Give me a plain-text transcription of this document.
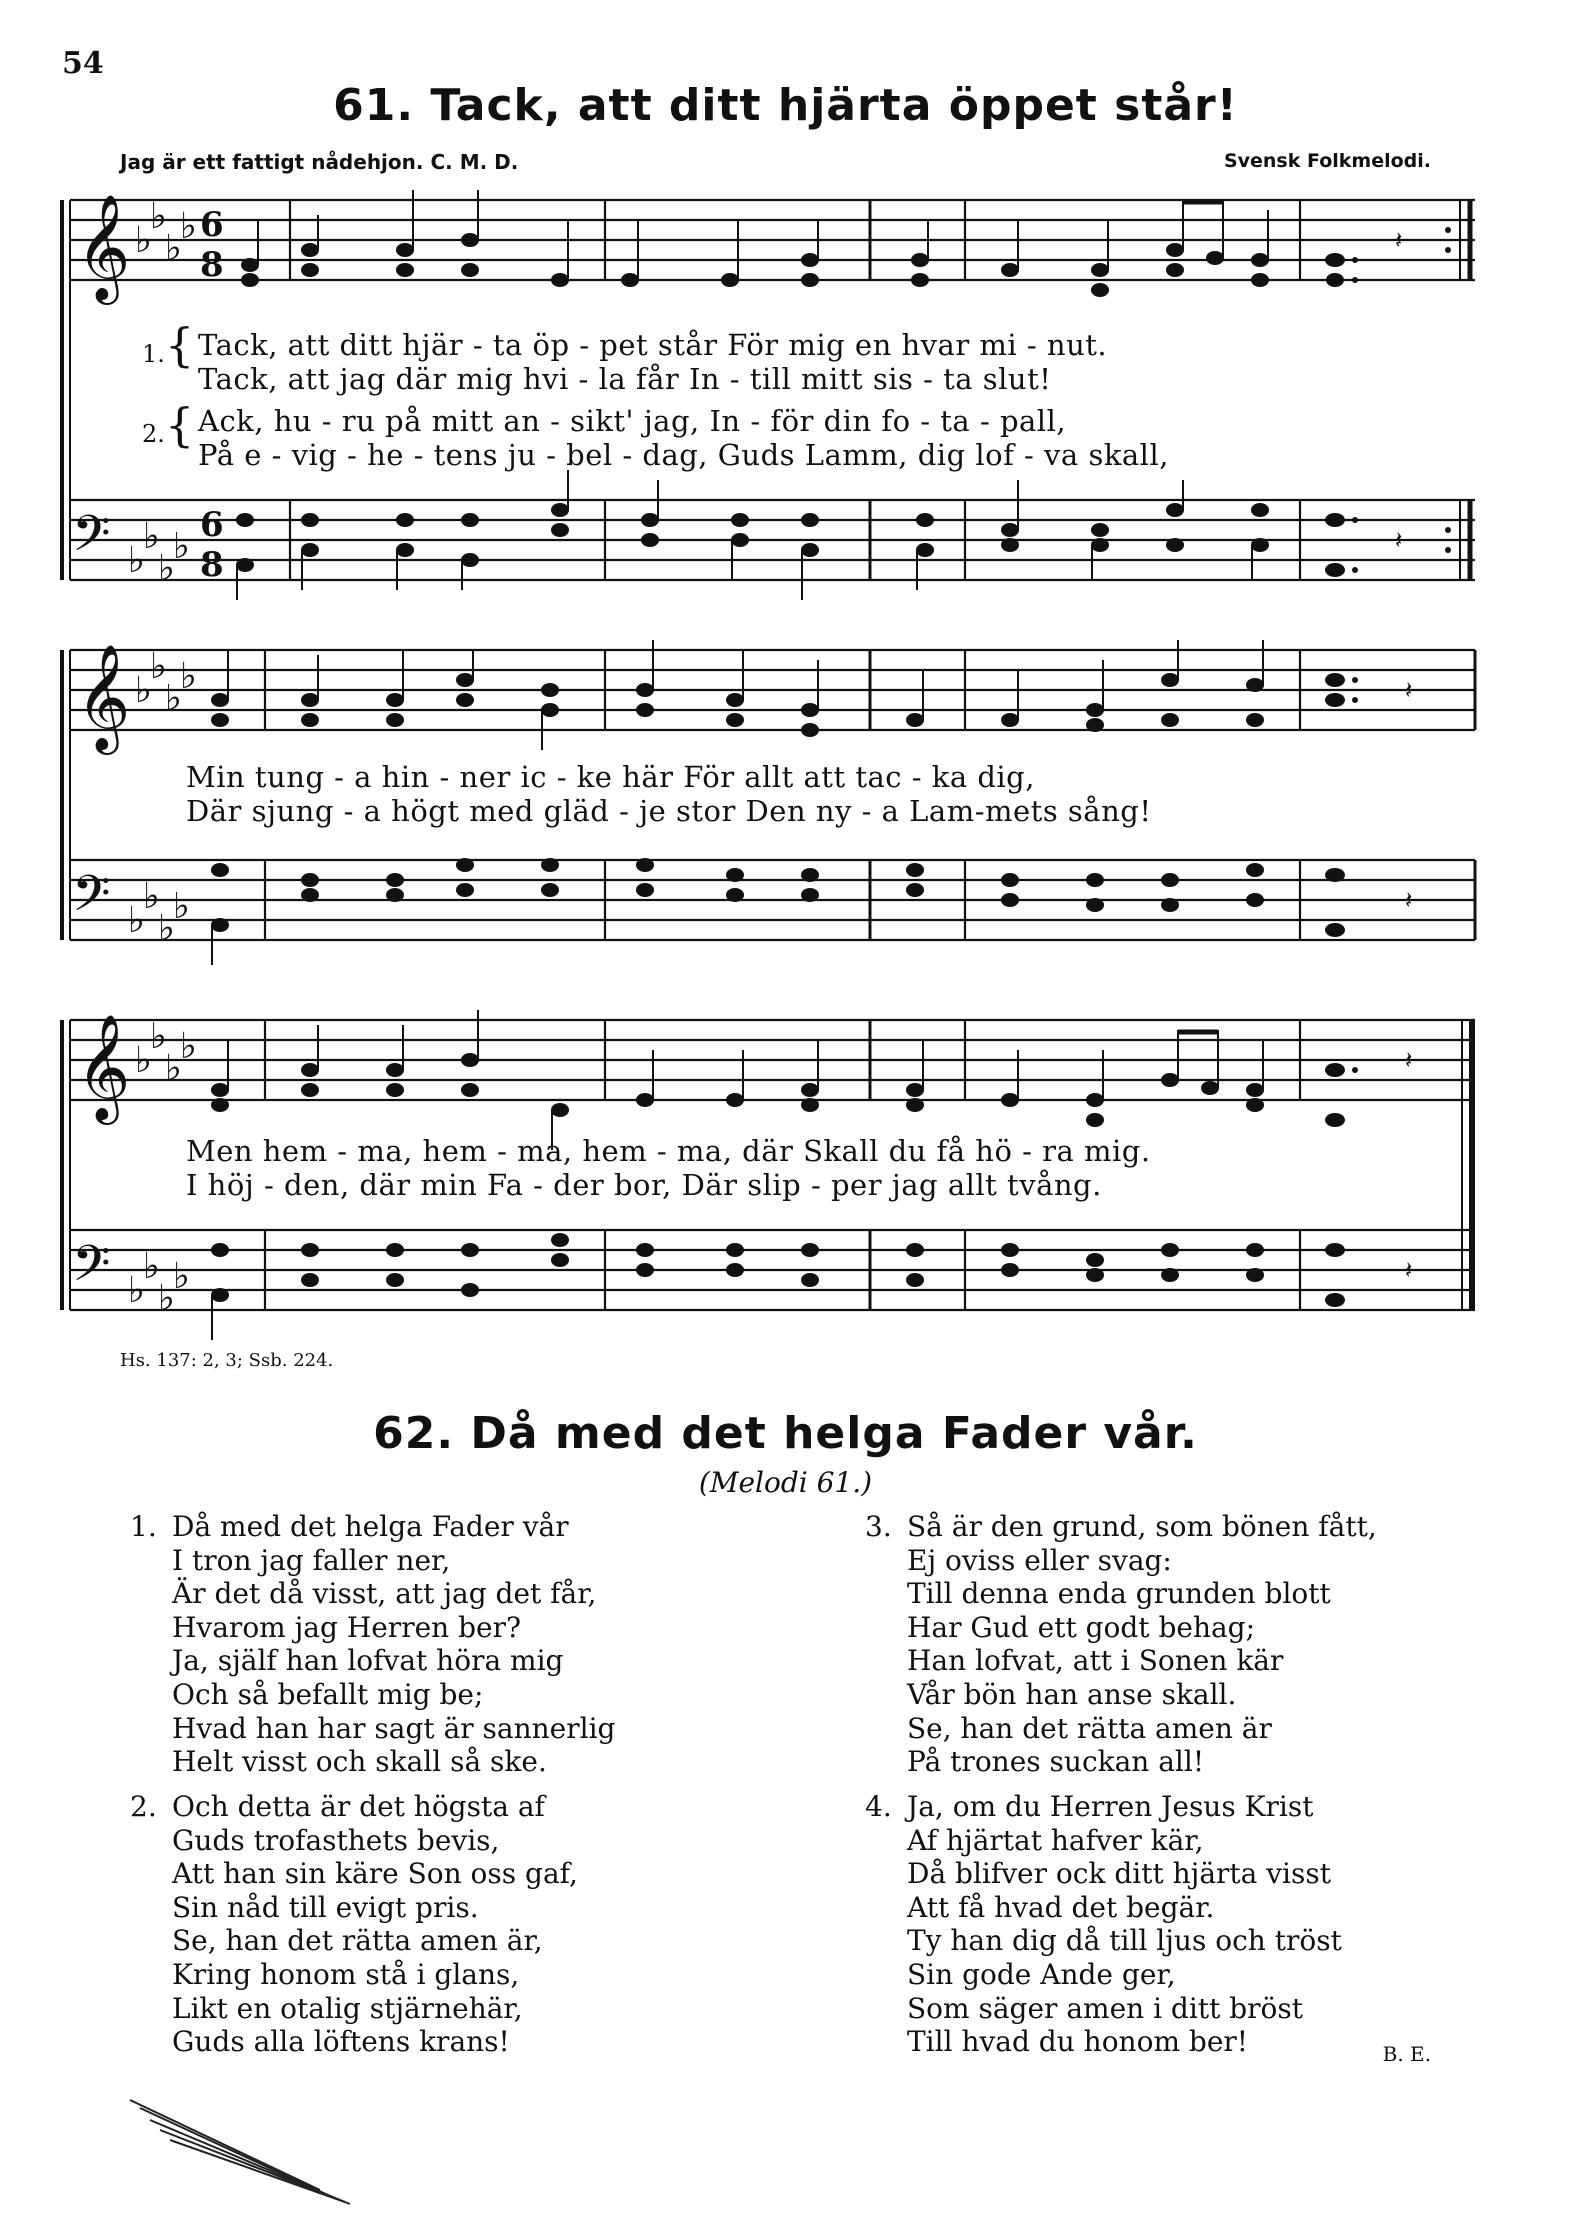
54
61. Tack, att ditt hjärta öppet står!
Jag är ett fattigt nådehjon. C. M. D.	Svensk Folkmelodi.
𝄞
𝄢
♭
♭
♭
♭
♭
♭
♭
♭
6
8
6
8
𝄽
𝄽
1. { Tack, att ditt hjär - ta öp - pet står För mig en hvar mi - nut.
Tack, att jag där mig hvi - la får In - till mitt sis - ta slut!
2. { Ack, hu - ru på mitt an - sikt' jag, In - för din fo - ta - pall,
På e - vig - he - tens ju - bel - dag, Guds Lamm, dig lof - va skall,
𝄞
𝄢
♭
♭
♭
♭
♭
♭
♭
♭
𝄽
𝄽
Min tung - a hin - ner ic - ke här För allt att tac - ka dig,
Där sjung - a högt med gläd - je stor Den ny - a Lam-mets sång!
𝄞
𝄢
♭
♭
♭
♭
♭
♭
♭
♭
𝄽
𝄽
Men hem - ma, hem - ma, hem - ma, där Skall du få hö - ra mig.
I höj - den, där min Fa - der bor, Där slip - per jag allt tvång.
Hs. 137: 2, 3; Ssb. 224.
62. Då med det helga Fader vår.
(Melodi 61.)
1. Då med det helga Fader vår
I tron jag faller ner,
Är det då visst, att jag det får,
Hvarom jag Herren ber?
Ja, själf han lofvat höra mig
Och så befallt mig be;
Hvad han har sagt är sannerlig
Helt visst och skall så ske.
2. Och detta är det högsta af
Guds trofasthets bevis,
Att han sin käre Son oss gaf,
Sin nåd till evigt pris.
Se, han det rätta amen är,
Kring honom stå i glans,
Likt en otalig stjärnehär,
Guds alla löftens krans!
3. Så är den grund, som bönen fått,
Ej oviss eller svag:
Till denna enda grunden blott
Har Gud ett godt behag;
Han lofvat, att i Sonen kär
Vår bön han anse skall.
Se, han det rätta amen är
På trones suckan all!
4. Ja, om du Herren Jesus Krist
Af hjärtat hafver kär,
Då blifver ock ditt hjärta visst
Att få hvad det begär.
Ty han dig då till ljus och tröst
Sin gode Ande ger,
Som säger amen i ditt bröst
Till hvad du honom ber!	B. E.
